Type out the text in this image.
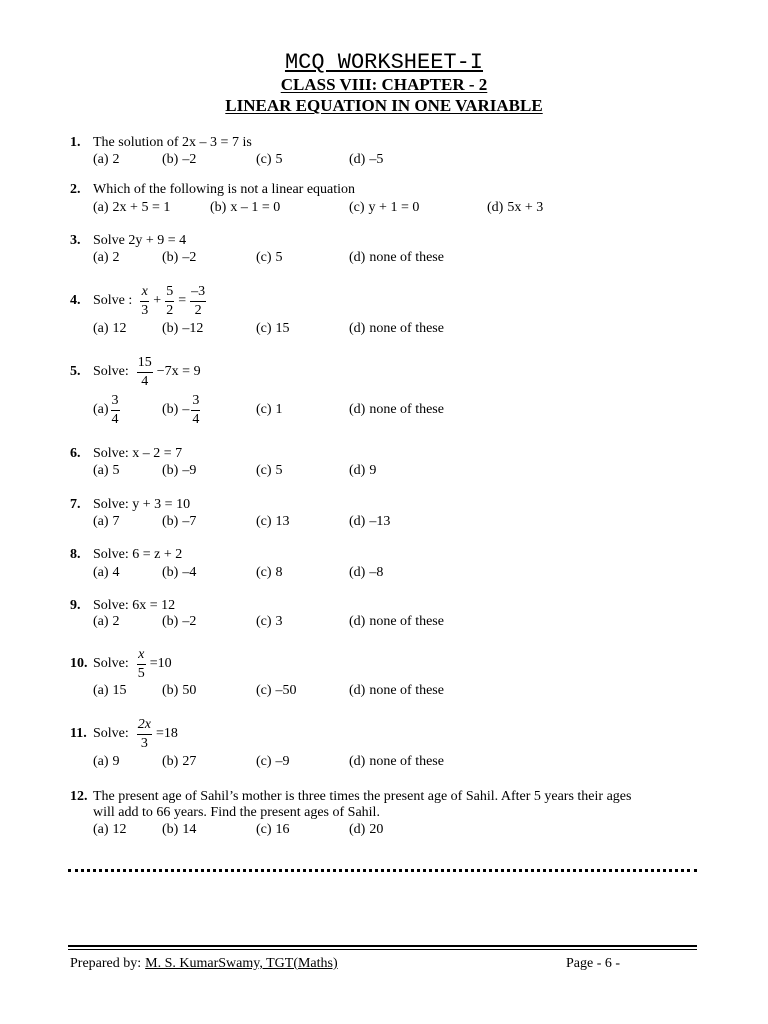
MCQ WORKSHEET-I
CLASS VIII: CHAPTER - 2
LINEAR EQUATION IN ONE VARIABLE
1. The solution of 2x – 3 = 7 is
(a) 2	(b) –2	(c) 5	(d) –5
2. Which of the following is not a linear equation
(a) 2x + 5 = 1	(b) x – 1 = 0	(c) y + 1 = 0	(d) 5x + 3
3. Solve 2y + 9 = 4
(a) 2	(b) –2	(c) 5	(d) none of these
4. Solve : $\frac{x}{3} + \frac{5}{2} = \frac{-3}{2}$
(a) 12	(b) –12	(c) 15	(d) none of these
5. Solve: $\frac{15}{4} -7x = 9$
$(a) \frac{3}{4}$	$(b) - \frac{3}{4}$	(c) 1	(d) none of these
6. Solve: x – 2 = 7
(a) 5	(b) –9	(c) 5	(d) 9
7. Solve: y + 3 = 10
(a) 7	(b) –7	(c) 13	(d) –13
8. Solve: 6 = z + 2
(a) 4	(b) –4	(c) 8	(d) –8
9. Solve: 6x = 12
(a) 2	(b) –2	(c) 3	(d) none of these
10. Solve: $\frac{x}{5} =10$
(a) 15	(b) 50	(c) –50	(d) none of these
11. Solve: $\frac{2x}{3} =18$
(a) 9	(b) 27	(c) –9	(d) none of these
12. The present age of Sahil’s mother is three times the present age of Sahil. After 5 years their ages
will add to 66 years. Find the present ages of Sahil.
(a) 12	(b) 14	(c) 16	(d) 20
Prepared by: M. S. KumarSwamy, TGT(Maths)	Page - 6 -
